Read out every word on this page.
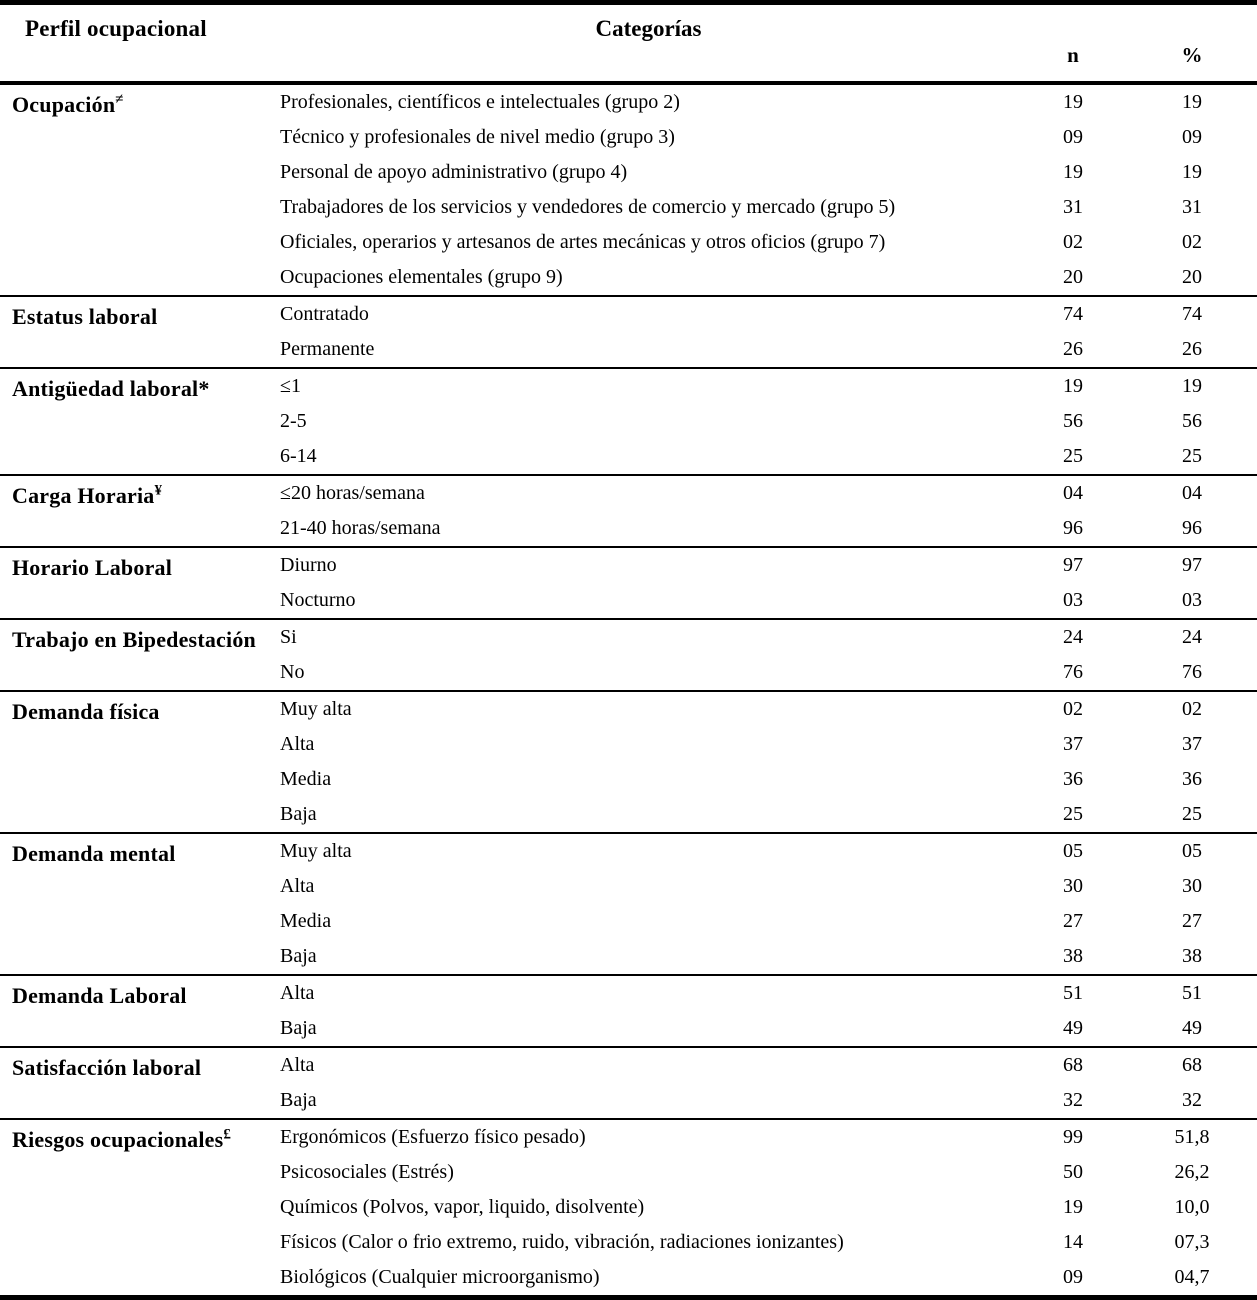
Perfil ocupacional	Categorías	n	%
Ocupación≠	Profesionales, científicos e intelectuales (grupo 2)	19	19
	Técnico y profesionales de nivel medio (grupo 3)	09	09
	Personal de apoyo administrativo (grupo 4)	19	19
	Trabajadores de los servicios y vendedores de comercio y mercado (grupo 5)	31	31
	Oficiales, operarios y artesanos de artes mecánicas y otros oficios (grupo 7)	02	02
	Ocupaciones elementales (grupo 9)	20	20
Estatus laboral	Contratado	74	74
	Permanente	26	26
Antigüedad laboral*	≤1	19	19
	2-5	56	56
	6-14	25	25
Carga Horaria¥	≤20 horas/semana	04	04
	21-40 horas/semana	96	96
Horario Laboral	Diurno	97	97
	Nocturno	03	03
Trabajo en Bipedestación	Si	24	24
	No	76	76
Demanda física	Muy alta	02	02
	Alta	37	37
	Media	36	36
	Baja	25	25
Demanda mental	Muy alta	05	05
	Alta	30	30
	Media	27	27
	Baja	38	38
Demanda Laboral	Alta	51	51
	Baja	49	49
Satisfacción laboral	Alta	68	68
	Baja	32	32
Riesgos ocupacionales£	Ergonómicos (Esfuerzo físico pesado)	99	51,8
	Psicosociales (Estrés)	50	26,2
	Químicos (Polvos, vapor, liquido, disolvente)	19	10,0
	Físicos (Calor o frio extremo, ruido, vibración, radiaciones ionizantes)	14	07,3
	Biológicos (Cualquier microorganismo)	09	04,7
